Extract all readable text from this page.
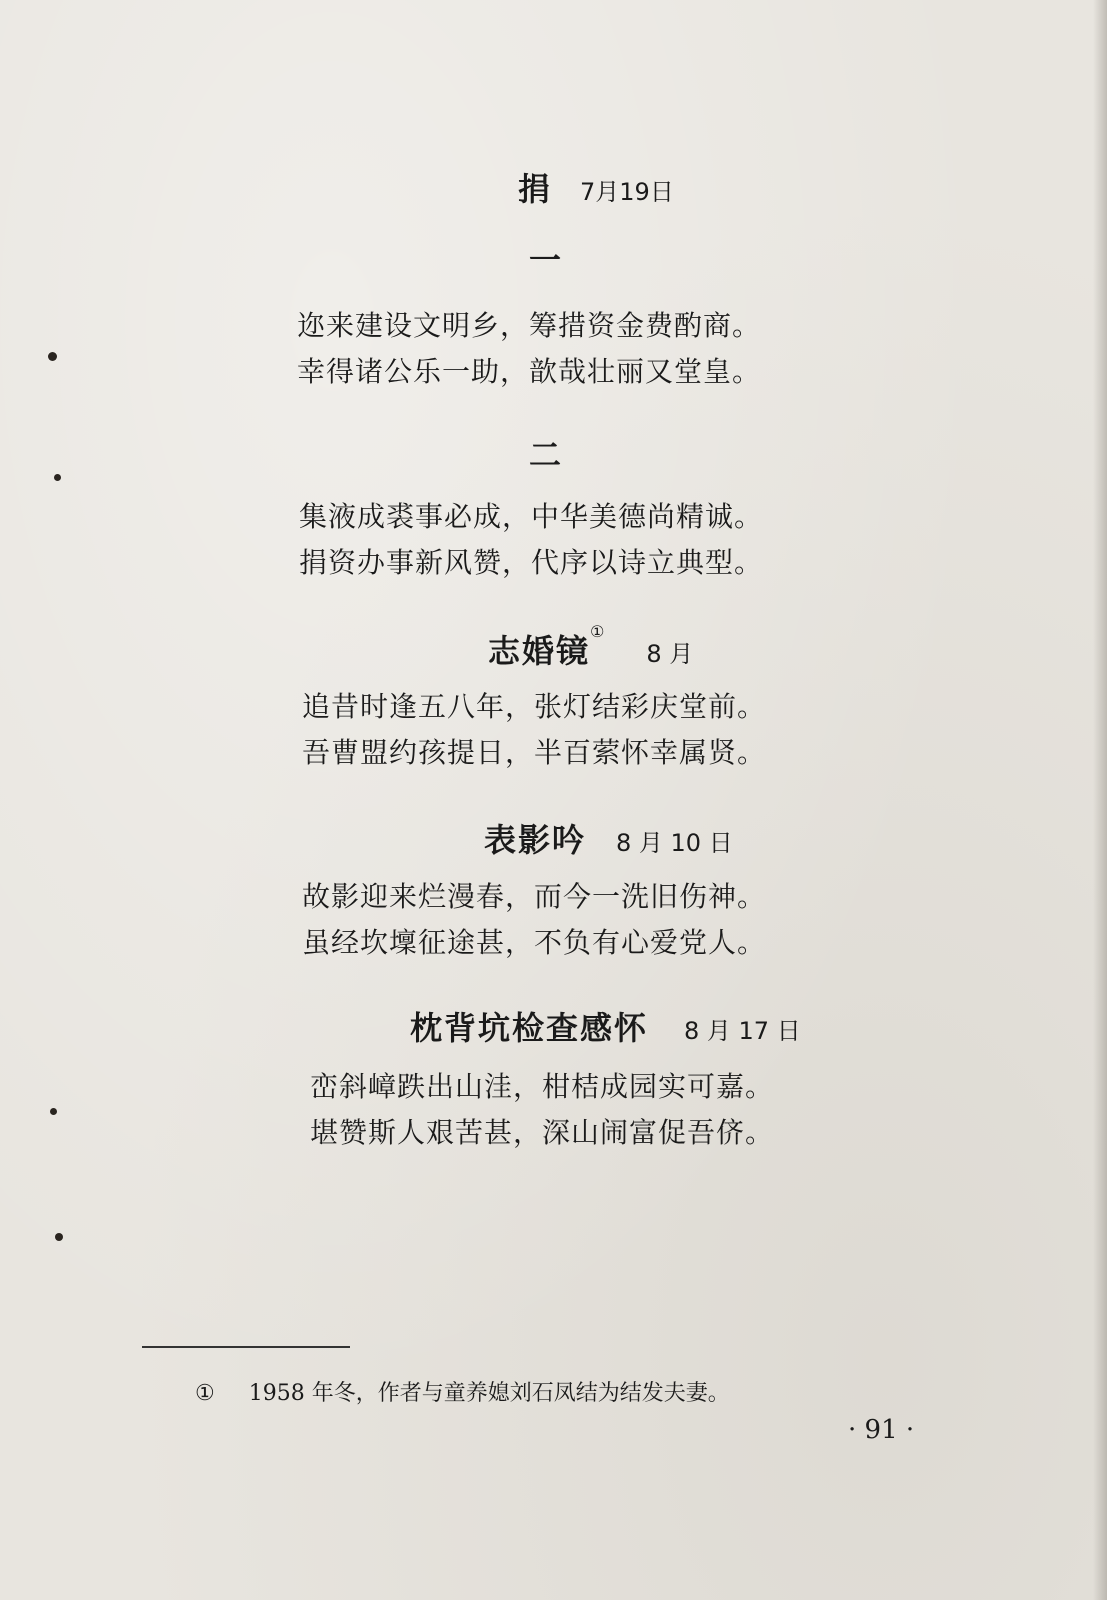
捐 7月19日
一
迩来建设文明乡，筹措资金费酌商。
幸得诸公乐一助，歆哉壮丽又堂皇。
二
集液成裘事必成，中华美德尚精诚。
捐资办事新风赞，代序以诗立典型。
志婚镜①8 月
追昔时逢五八年，张灯结彩庆堂前。
吾曹盟约孩提日，半百萦怀幸属贤。
表影吟 8 月 10 日
故影迎来烂漫春，而今一洗旧伤神。
虽经坎壈征途甚，不负有心爱党人。
枕背坑检查感怀 8 月 17 日
峦斜嶂跌出山洼，柑桔成园实可嘉。
堪赞斯人艰苦甚，深山闹富促吾侪。
① 1958 年冬，作者与童养媳刘石凤结为结发夫妻。
· 91 ·
